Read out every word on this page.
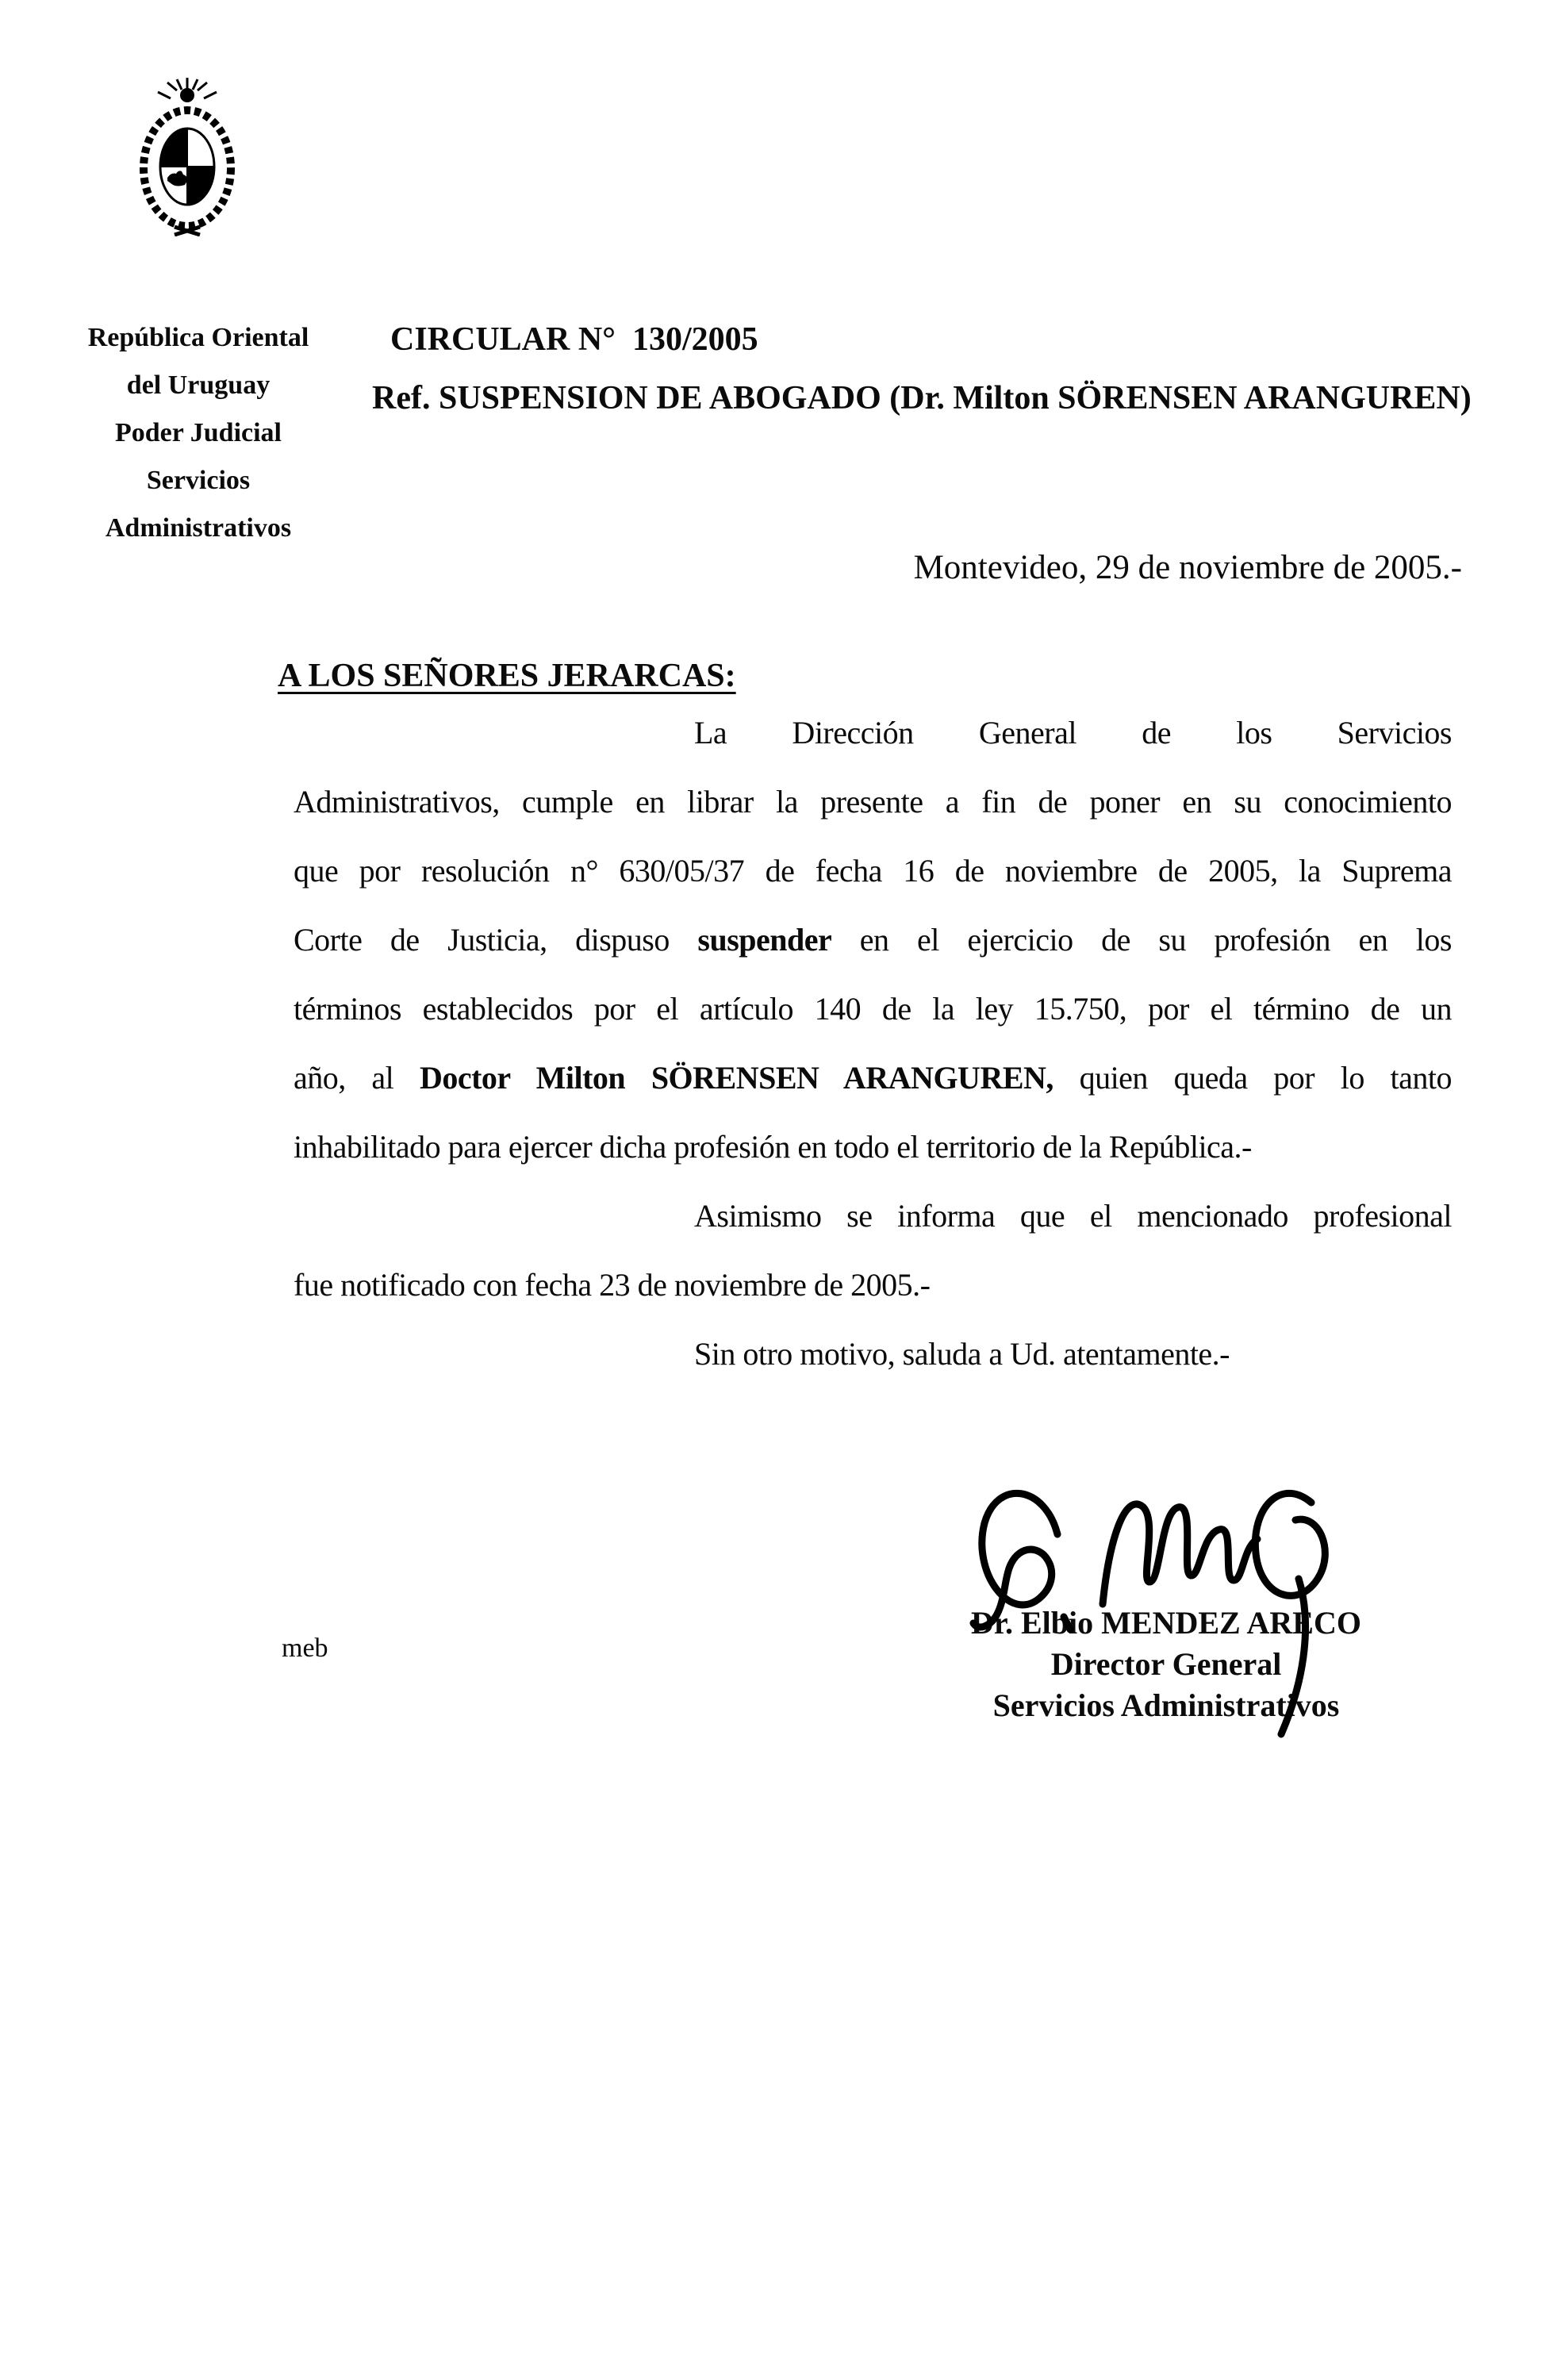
República Oriental
del Uruguay
Poder Judicial
Servicios
Administrativos
CIRCULAR N°  130/2005
Ref. SUSPENSION DE ABOGADO (Dr. Milton SÖRENSEN ARANGUREN)
Montevideo, 29 de noviembre de 2005.-
A LOS SEÑORES JERARCAS:
La Dirección General de los Servicios
Administrativos, cumple en librar la presente a fin de poner en su conocimiento
que por resolución n° 630/05/37 de fecha 16 de noviembre de 2005, la Suprema
Corte de Justicia, dispuso suspender en el ejercicio de su profesión en los
términos establecidos por el artículo 140 de la ley 15.750, por el término de un
año, al Doctor Milton SÖRENSEN ARANGUREN, quien queda por lo tanto
inhabilitado para ejercer dicha profesión en todo el territorio de la República.-
Asimismo se informa que el mencionado profesional
fue notificado con fecha 23 de noviembre de 2005.-
Sin otro motivo, saluda a Ud. atentamente.-
Dr. Elbio MENDEZ ARECO
Director General
Servicios Administrativos
meb
